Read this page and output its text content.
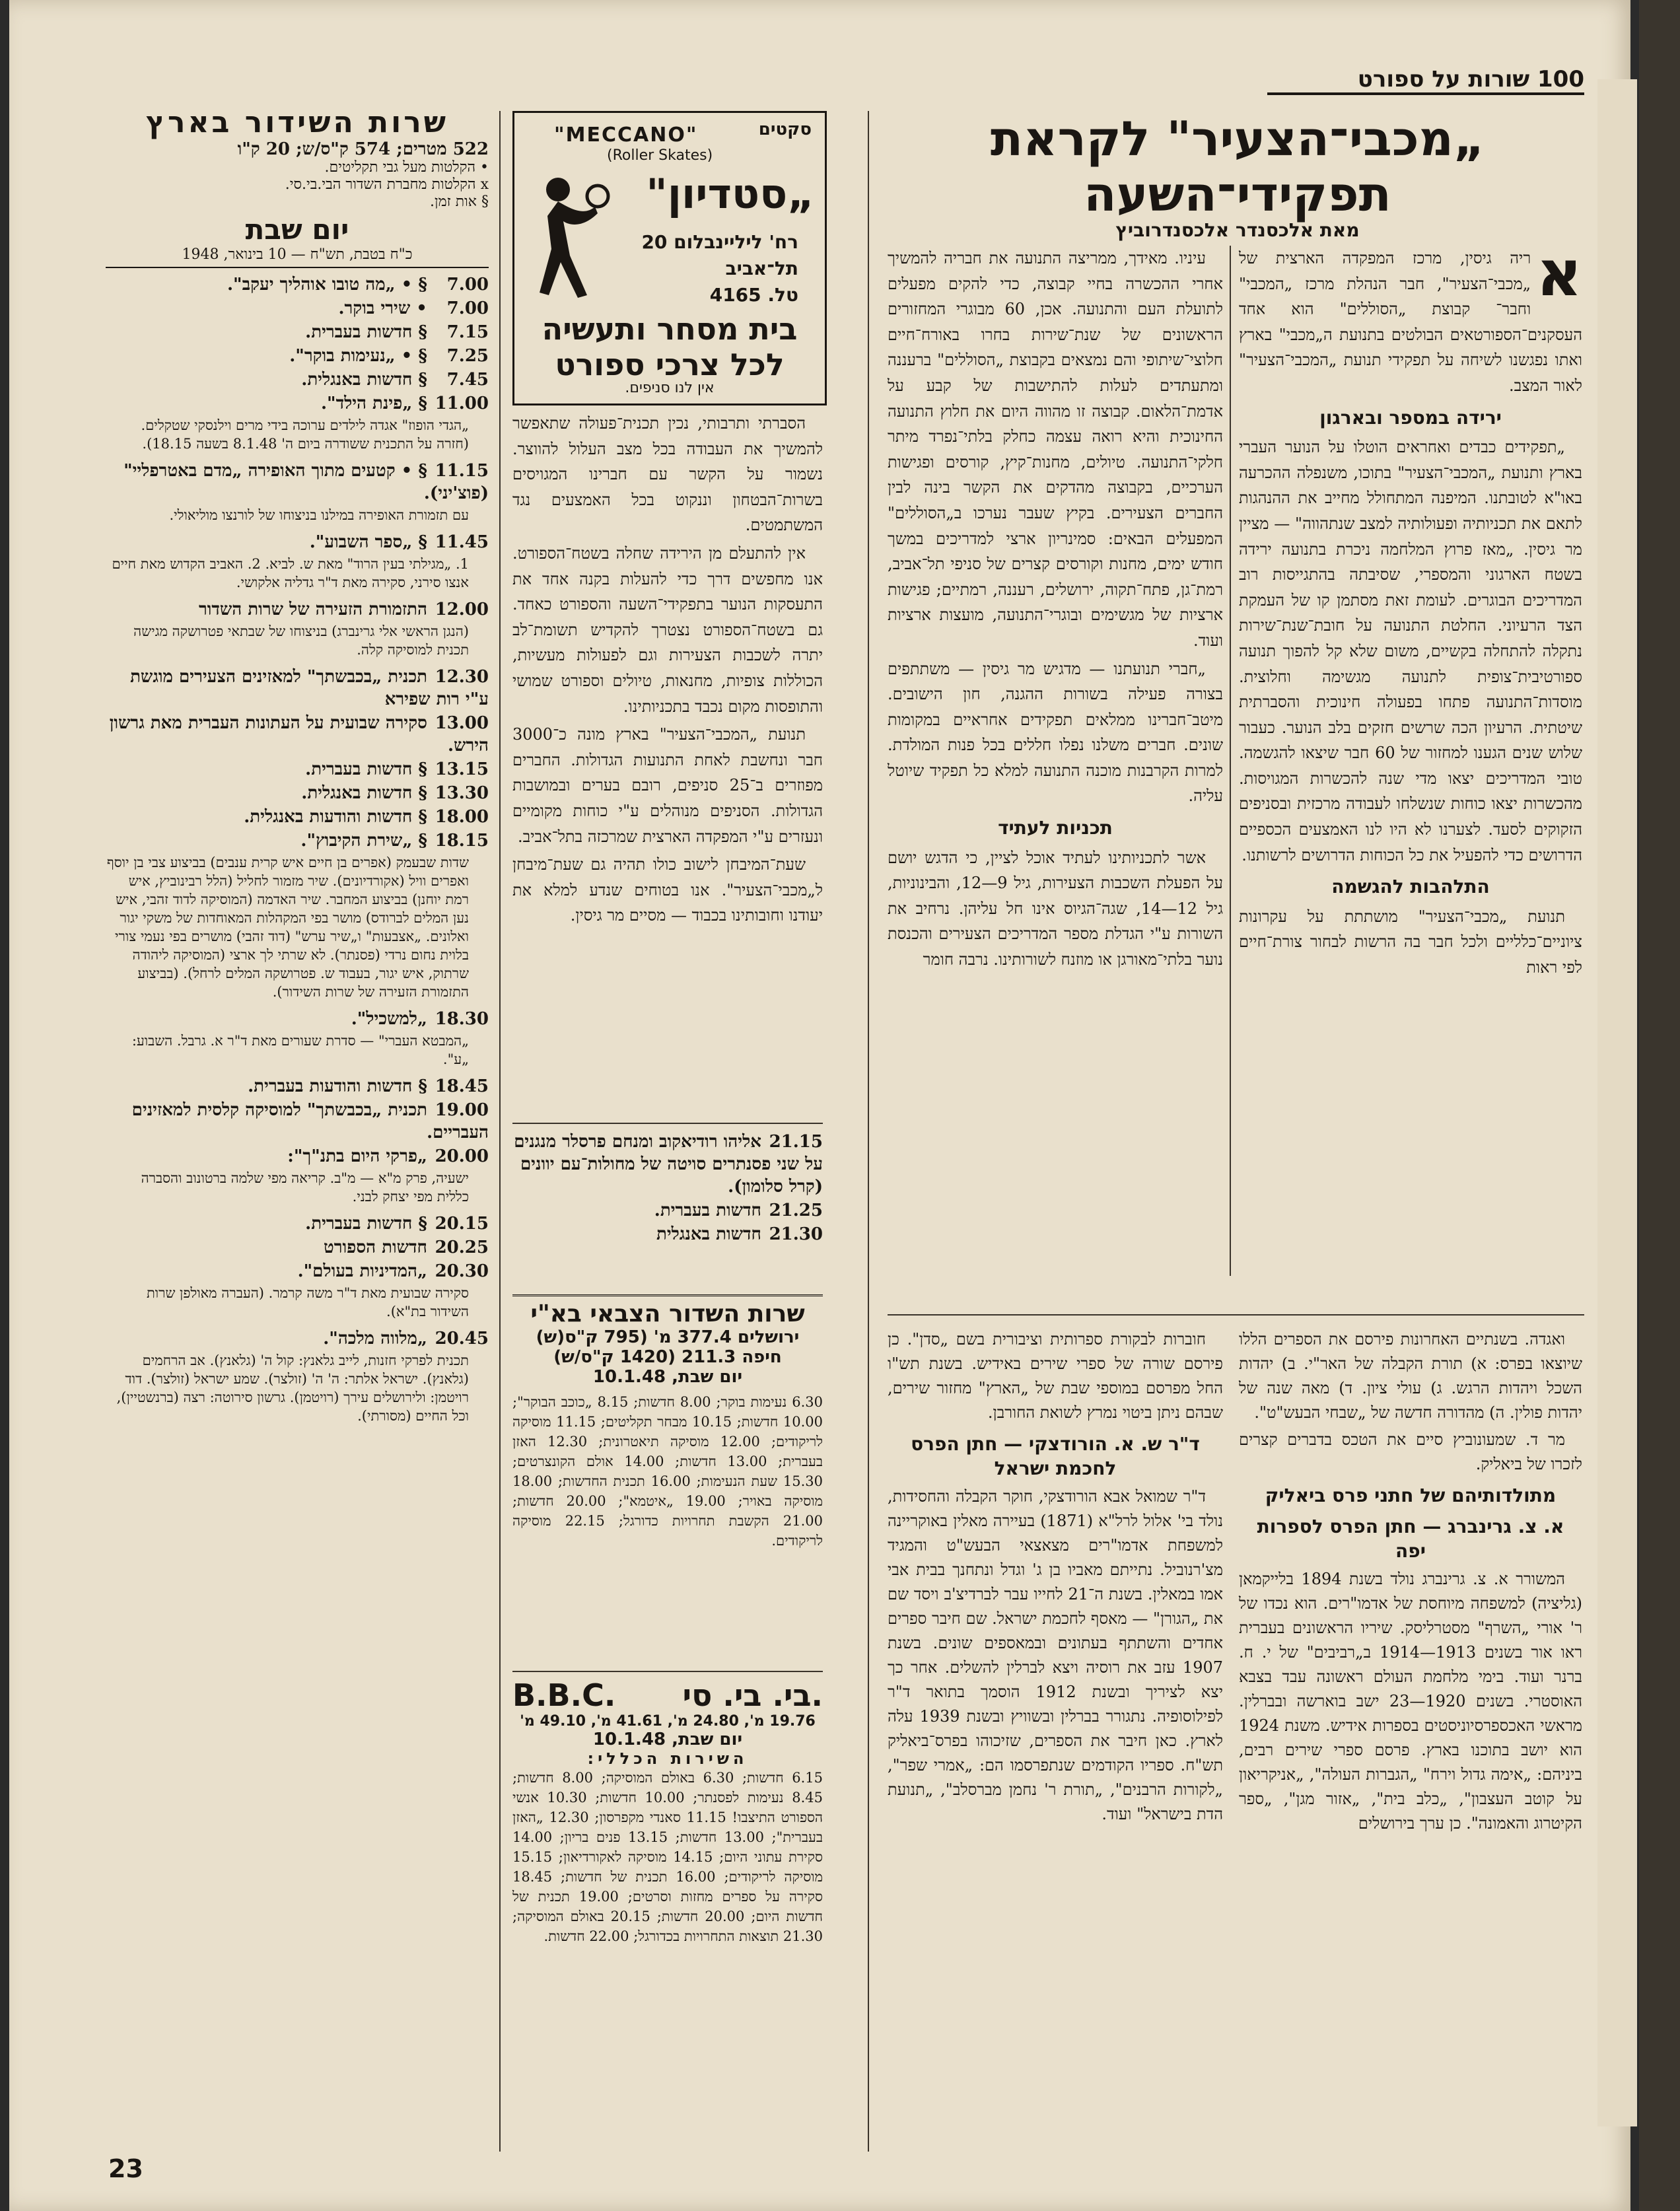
100 שורות על ספורט
„מכבי־הצעיר" לקראת
תפקידי־השעה
מאת אלכסנדר אלכסנדרוביץ

א
ריה גיסין, מרכז המפקדה הארצית של „מכבי־הצעיר", חבר הנהלת מרכז „המכבי" וחבר־ קבוצת „הסוללים" הוא אחד העסקנים־הספורטאים הבולטים בתנועת ה„מכבי" בארץ ואתו נפגשנו לשיחה על תפקידי תנועת „המכבי־הצעיר" לאור המצב.

ירידה במספר ובארגון

„תפקידים כבדים ואחראים הוטלו על הנוער העברי בארץ ותנועת „המכבי־הצעיר" בתוכו, משנפלה ההכרעה באו"א לטובתנו. המיפנה המתחולל מחייב את ההנהגות לתאם את תכניותיה ופעולותיה למצב שנתהווה" — מציין מר גיסין. „מאז פרוץ המלחמה ניכרת בתנועה ירידה בשטח הארגוני והמספרי, שסיבתה בהתגייסות רוב המדריכים הבוגרים. לעומת זאת מסתמן קו של העמקת הצד הרעיוני. החלטת התנועה על חובת־שנת־שירות נתקלה להתחלה בקשיים, משום שלא קל להפוך תנועה ספורטיבית־צופית לתנועה מגשימה וחלוצית. מוסדות־התנועה פתחו בפעולה חינוכית והסברתית שיטתית. הרעיון הכה שרשים חזקים בלב הנוער. כעבור שלוש שנים הגענו למחזור של 60 חבר שיצאו להגשמה. טובי המדריכים יצאו מדי שנה להכשרות המגויסות. מהכשרות יצאו כוחות שנשלחו לעבודה מרכזית ובסניפים הזקוקים לסעד. לצערנו לא היו לנו האמצעים הכספיים הדרושים כדי להפעיל את כל הכוחות הדרושים לרשותנו.

התלהבות להגשמה

תנועת „מכבי־הצעיר" מושתתת על עקרונות ציוניים־כלליים ולכל חבר בה הרשות לבחור צורת־חיים לפי ראות

עיניו. מאידך, ממריצה התנועה את חבריה להמשיך אחרי ההכשרה בחיי קבוצה, כדי להקים מפעלים לתועלת העם והתנועה. אכן, 60 מבוגרי המחזורים הראשונים של שנת־שירות בחרו באורח־חיים חלוצי־שיתופי והם נמצאים בקבוצת „הסוללים" ברעננה ומתעתדים לעלות להתישבות של קבע על אדמת־הלאום. קבוצה זו מהווה היום את חלוץ התנועה החינוכית והיא רואה עצמה כחלק בלתי־נפרד מיתר חלקי־התנועה. טיולים, מחנות־קיץ, קורסים ופגישות הערכיים, בקבוצה מהדקים את הקשר בינה לבין החברים הצעירים. בקיץ שעבר נערכו ב„הסוללים" המפעלים הבאים: סמינריון ארצי למדריכים במשך חודש ימים, מחנות וקורסים קצרים של סניפי תל־אביב, רמת־גן, פתח־תקוה, ירושלים, רעננה, רמתיים; פגישות ארציות של מגשימים ובוגרי־התנועה, מועצות ארציות ועוד.

„חברי תנועתנו — מדגיש מר גיסין — משתתפים בצורה פעילה בשורות ההגנה, חון הישובים. מיטב־חברינו ממלאים תפקידים אחראיים במקומות שונים. חברים משלנו נפלו חללים בכל פנות המולדת. למרות הקרבנות מוכנה התנועה למלא כל תפקיד שיוטל עליה.

תכניות לעתיד

אשר לתכניותינו לעתיד אוכל לציין, כי הדגש יושם על הפעלת השכבות הצעירות, גיל 9—12, והבינוניות, גיל 12—14, שגה־הגיוס אינו חל עליהן. נרחיב את השורות ע"י הגדלת מספר המדריכים הצעירים והכנסת נוער בלתי־מאורגן או מוזנח לשורותינו. נרבה חומר

סקטים
"MECCANO"
(Roller Skates)
„סטדיון"
רח' ליליינבלום 20
תל־אביב
טל. 4165
בית מסחר ותעשיה
לכל צרכי ספורט
אין לנו סניפים.

הסברתי ותרבותי, נכין תכנית־פעולה שתאפשר להמשיך את העבודה בכל מצב העלול להווצר. נשמור על הקשר עם חברינו המגויסים בשרות־הבטחון וננקוט בכל האמצעים נגד המשתמטים.

אין להתעלם מן הירידה שחלה בשטח־הספורט. אנו מחפשים דרך כדי להעלות בקנה אחד את התעסקות הנוער בתפקידי־השעה והספורט כאחד. גם בשטח־הספורט נצטרך להקדיש תשומת־לב יתרה לשכבות הצעירות וגם לפעולות מעשיות, הכוללות צופיות, מחנאות, טיולים וספורט שמושי והתופסות מקום נכבד בתכניותינו.

תנועת „המכבי־הצעיר" בארץ מונה כ־3000 חבר ונחשבת לאחת התנועות הגדולות. החברים מפוזרים ב־25 סניפים, רובם בערים ובמושבות הגדולות. הסניפים מנוהלים ע"י כוחות מקומיים ונעזרים ע"י המפקדה הארצית שמרכזה בתל־אביב.

שעת־המיבחן לישוב כולו תהיה גם שעת־מיבחן ל„מכבי־הצעיר". אנו בטוחים שנדע למלא את יעודנו וחובותינו בכבוד — מסיים מר גיסין.

21.15 אליהו רודיאקוב ומנחם פרסלר מנגנים על שני פסנתרים סויטה של מחולות־עם יוונים (קרל סלומון).
21.25 חדשות בעברית.
21.30 חדשות באנגלית

ואגדה. בשנתיים האחרונות פירסם את הספרים הללו שיוצאו בפרס: א) תורת הקבלה של האר"י. ב) יהדות השכל ויהדות הרגש. ג) עולי ציון. ד) מאה שנה של יהדות פולין. ה) מהדורה חדשה של „שבחי הבעש"ט".

מר ד. שמעונוביץ סיים את הטכס בדברים קצרים לזכרו של ביאליק.

מתולדותיהם של חתני פרס ביאליק
א. צ. גרינברג — חתן הפרס לספרות יפה

המשורר א. צ. גרינברג נולד בשנת 1894 בלייקמאן (גליציה) למשפחה מיוחסת של אדמו"רים. הוא נכדו של ר' אורי „השרף" מסטרליסק. שיריו הראשונים בעברית ראו אור בשנים 1913—1914 ב„רביבים" של י. ח. ברנר ועוד. בימי מלחמת העולם ראשונה עבד בצבא האוסטרי. בשנים 1920—23 ישב בוארשה ובברלין. מראשי האכספרסיוניסטים בספרות אידיש. משנת 1924 הוא יושב בתוכנו בארץ. פרסם ספרי שירים רבים, ביניהם: „אימה גדול וירח" „הגברות העולה", „אניקריאון על קוטב העצבון", „כלב בית", „אזור מגן", „ספר הקיטרוג והאמונה". כן ערך בירושלים

חוברות לבקורת ספרותית וציבורית בשם „סדן". כן פירסם שורה של ספרי שירים באידיש. בשנת תש"ו החל מפרסם במוספי שבת של „הארץ" מחזור שירים, שבהם ניתן ביטוי נמרץ לשואת החורבן.

ד"ר ש. א. הורודצקי — חתן הפרס לחכמת ישראל

ד"ר שמואל אבא הורודצקי, חוקר הקבלה והחסידות, נולד בי' אלול לרל"א (1871) בעיירה מאלין באוקריינה למשפחת אדמו"רים מצאצאי הבעש"ט והמגיד מצ'רנוביל. נתייתם מאביו בן ג' וגדל ונתחנך בבית אבי אמו במאלין. בשנת ה־21 לחייו עבר לברדיצ'ב ויסד שם את „הגורן" — מאסף לחכמת ישראל. שם חיבר ספרים אחדים והשתתף בעתונים ובמאספים שונים. בשנת 1907 עזב את רוסיה ויצא לברלין להשלים. אחר כך יצא לציריך ובשנת 1912 הוסמך בתואר ד"ר לפילוסופיה. נתגורר בברלין ובשוויץ ובשנת 1939 עלה לארץ. כאן חיבר את הספרים, שזיכוהו בפרס־ביאליק תש"ח. ספריו הקודמים שנתפרסמו הם: „אמרי שפר", „לקורות הרבנים", „תורת ר' נחמן מברסלב", „תנועת הדת בישראל" ועוד.

שרות השדור הצבאי בא"י
ירושלים 377.4 מ' (795 ק"ס(ש)
חיפה 211.3 (1420 ק"ס/ש)
יום שבת, 10.1.48
6.30 נעימות בוקר; 8.00 חדשות; 8.15 „כוכב הבוקר"; 10.00 חדשות; 10.15 מבחר תקליטים; 11.15 מוסיקה לריקודים; 12.00 מוסיקה תיאטרונית; 12.30 האזן בעברית; 13.00 חדשות; 14.00 אולם הקונצרטים; 15.30 שעת הנעימות; 16.00 תכנית החדשות; 18.00 מוסיקה באויר; 19.00 „איטמא"; 20.00 חדשות; 21.00 הקשבת תחרויות כדורגל; 22.15 מוסיקה לריקודים.
B.B.C. בי. בי. סי.
19.76 מ', 24.80 מ', 41.61 מ', 49.10 מ'
יום שבת, 10.1.48
השירות הכללי:
6.15 חדשות; 6.30 באולם המוסיקה; 8.00 חדשות; 8.45 נעימות לפסנתר; 10.00 חדשות; 10.30 אנשי הספורט התיצבו! 11.15 סאנדי מקפרסון; 12.30 „האזן בעברית"; 13.00 חדשות; 13.15 פנים בריון; 14.00 סקירת עתוני היום; 14.15 מוסיקה לאקורדיאון; 15.15 מוסיקה לריקודים; 16.00 תכנית של חדשות; 18.45 סקירה על ספרים מחזות וסרטים; 19.00 תכנית של חדשות היום; 20.00 חדשות; 20.15 באולם המוסיקה; 21.30 תוצאות התחרויות בכדורגל; 22.00 חדשות.
שרות השידור בארץ
522 מטרים; 574 ק"ס/ש; 20 ק"ו
• הקלטות מעל גבי תקליטים.
x הקלטות מחברת השדור הבי.בי.סי.
§ אות זמן.
יום שבת
כ"ח בטבת, תש"ח — 10 בינואר, 1948
7.00 § • „מה טובו אוהליך יעקב".
7.00 • שירי בוקר.
7.15 § חדשות בעברית.
7.25 § • „נעימות בוקר".
7.45 § חדשות באנגלית.
11.00 § „פינת הילד".
„הגדי הופוז" אגדה לילדים ערוכה בידי מרים וילנסקי שטקלים. (חזרה על התכנית ששודרה ביום ה' 8.1.48 בשעה 18.15).
11.15 § • קטעים מתוך האופירה „מדם באטרפליי" (פוצ'יני).
עם תזמורת האופירה במילנו בניצוחו של לורנצו מוליאולי.
11.45 § „ספר השבוע".
1. „מגילתי בעין הרוד" מאת ש. לביא. 2. האביב הקדוש מאת חיים אנצו סירני, סקירה מאת ד"ר גדליה אלקושי.
12.00 התזמורת הזעירה של שרות השדור
(הנגן הראשי אלי גרינברג) בניצוחו של שבתאי פטרושקה מגישה תכנית למוסיקה קלה.
12.30 תכנית „בכבשתך" למאזינים הצעירים מוגשת ע"י רות שפירא
13.00 סקירה שבועית על העתונות העברית מאת גרשון הירש.
13.15 § חדשות בעברית.
13.30 § חדשות באנגלית.
18.00 § חדשות והודעות באנגלית.
18.15 § „שירת הקיבוץ".
שדות שבעמק (אפרים בן חיים איש קרית ענבים) בביצוע צבי בן יוסף ואפרים וויל (אקורדיונים). שיר מזמור לחליל (הלל רבינוביץ, איש רמת יוחנן) בביצוע המחבר. שיר האדמה (המוסיקה לדוד זהבי, איש נען המלים לברודס) מושר בפי המקהלות המאוחדות של משקי יגור ואלונים. „אצבעות" ו„שיר ערש" (דוד זהבי) מושרים בפי נעמי צורי בלוית נחום נרדי (פסנתר). לא שרתי לך ארצי (המוסיקה ליהודה שרתוק, איש יגור, בעבוד ש. פטרושקה המלים לרחל). (בביצוע התזמורת הזעירה של שרות השידור).
18.30 „למשכיל".
„המבטא העברי" — סדרת שעורים מאת ד"ר א. גרבל. השבוע: „ע".
18.45 § חדשות והודעות בעברית.
19.00 תכנית „בכבשתך" למוסיקה קלסית למאזינים העבריים.
20.00 „פרקי היום בתנ"ך":
ישעיה, פרק מ"א — מ"ב. קריאה מפי שלמה ברטונוב והסברה כללית מפי יצחק לבני.
20.15 § חדשות בעברית.
20.25 חדשות הספורט
20.30 „המדיניות בעולם".
סקירה שבועית מאת ד"ר משה קרמר. (העברה מאולפן שרות השידור בת"א).
20.45 „מלווה מלכה".
תכנית לפרקי חזנות, לייב גלאנץ: קול ה' (גלאנץ). אב הרחמים (גלאנץ). ישראל אלתר: ה' ה' (זולצר). שמע ישראל (זולצר). דוד רויטמן: ולירושלים עירך (רויטמן). גרשון סירוטה: רצה (ברנשטיין), וכל החיים (מסורתי).
23
